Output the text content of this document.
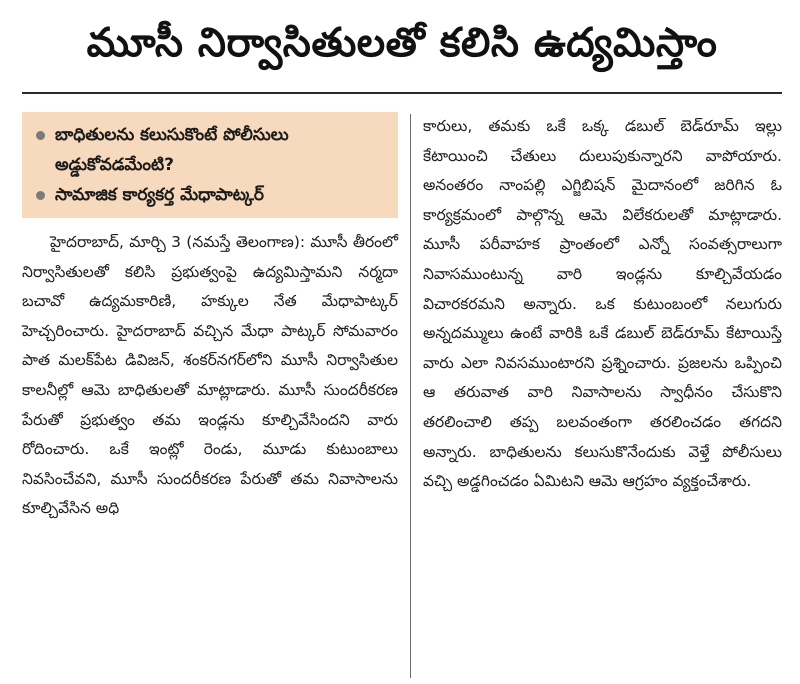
మూసీ నిర్వాసితులతో కలిసి ఉద్యమిస్తాం
బాధితులను కలుసుకొంటే పోలీసులు అడ్డుకోవడమేంటి?
సామాజిక కార్యకర్త మేధాపాట్కర్

హైదరాబాద్, మార్చి 3 (నమస్తే తెలంగాణ): మూసీ తీరంలో నిర్వాసితులతో కలిసి ప్రభుత్వంపై ఉద్యమిస్తామని నర్మదా బచావో ఉద్యమకారిణి, హక్కుల నేత మేధాపాట్కర్ హెచ్చరించారు. హైదరాబాద్ వచ్చిన మేధా పాట్కర్ సోమవారం పాత మలక్‌పేట డివిజన్, శంకర్‌నగర్‌లోని మూసీ నిర్వాసితుల కాలనీల్లో ఆమె బాధితులతో మాట్లాడారు. మూసీ సుందరీకరణ పేరుతో ప్రభుత్వం తమ ఇండ్లను కూల్చివేసిందని వారు రోదించారు. ఒకే ఇంట్లో రెండు, మూడు కుటుంబాలు నివసించేవని, మూసీ సుందరీకరణ పేరుతో తమ నివాసాలను కూల్చివేసిన అధి

కారులు, తమకు ఒకే ఒక్క డబుల్ బెడ్‌రూమ్ ఇల్లు కేటాయించి చేతులు దులుపుకున్నారని వాపోయారు. అనంతరం నాంపల్లి ఎగ్జిబిషన్ మైదానంలో జరిగిన ఓ కార్యక్రమంలో పాల్గొన్న ఆమె విలేకరులతో మాట్లాడారు. మూసీ పరీవాహక ప్రాంతంలో ఎన్నో సంవత్సరాలుగా నివాసముంటున్న వారి ఇండ్లను కూల్చివేయడం విచారకరమని అన్నారు. ఒక కుటుంబంలో నలుగురు అన్నదమ్ములు ఉంటే వారికి ఒకే డబుల్ బెడ్‌రూమ్ కేటాయిస్తే వారు ఎలా నివసముంటారని ప్రశ్నించారు. ప్రజలను ఒప్పించి ఆ తరువాత వారి నివాసాలను స్వాధీనం చేసుకొని తరలించాలి తప్ప బలవంతంగా తరలించడం తగదని అన్నారు. బాధితులను కలుసుకొనేందుకు వెళ్తే పోలీసులు వచ్చి అడ్డగించడం ఏమిటని ఆమె ఆగ్రహం వ్యక్తంచేశారు.
